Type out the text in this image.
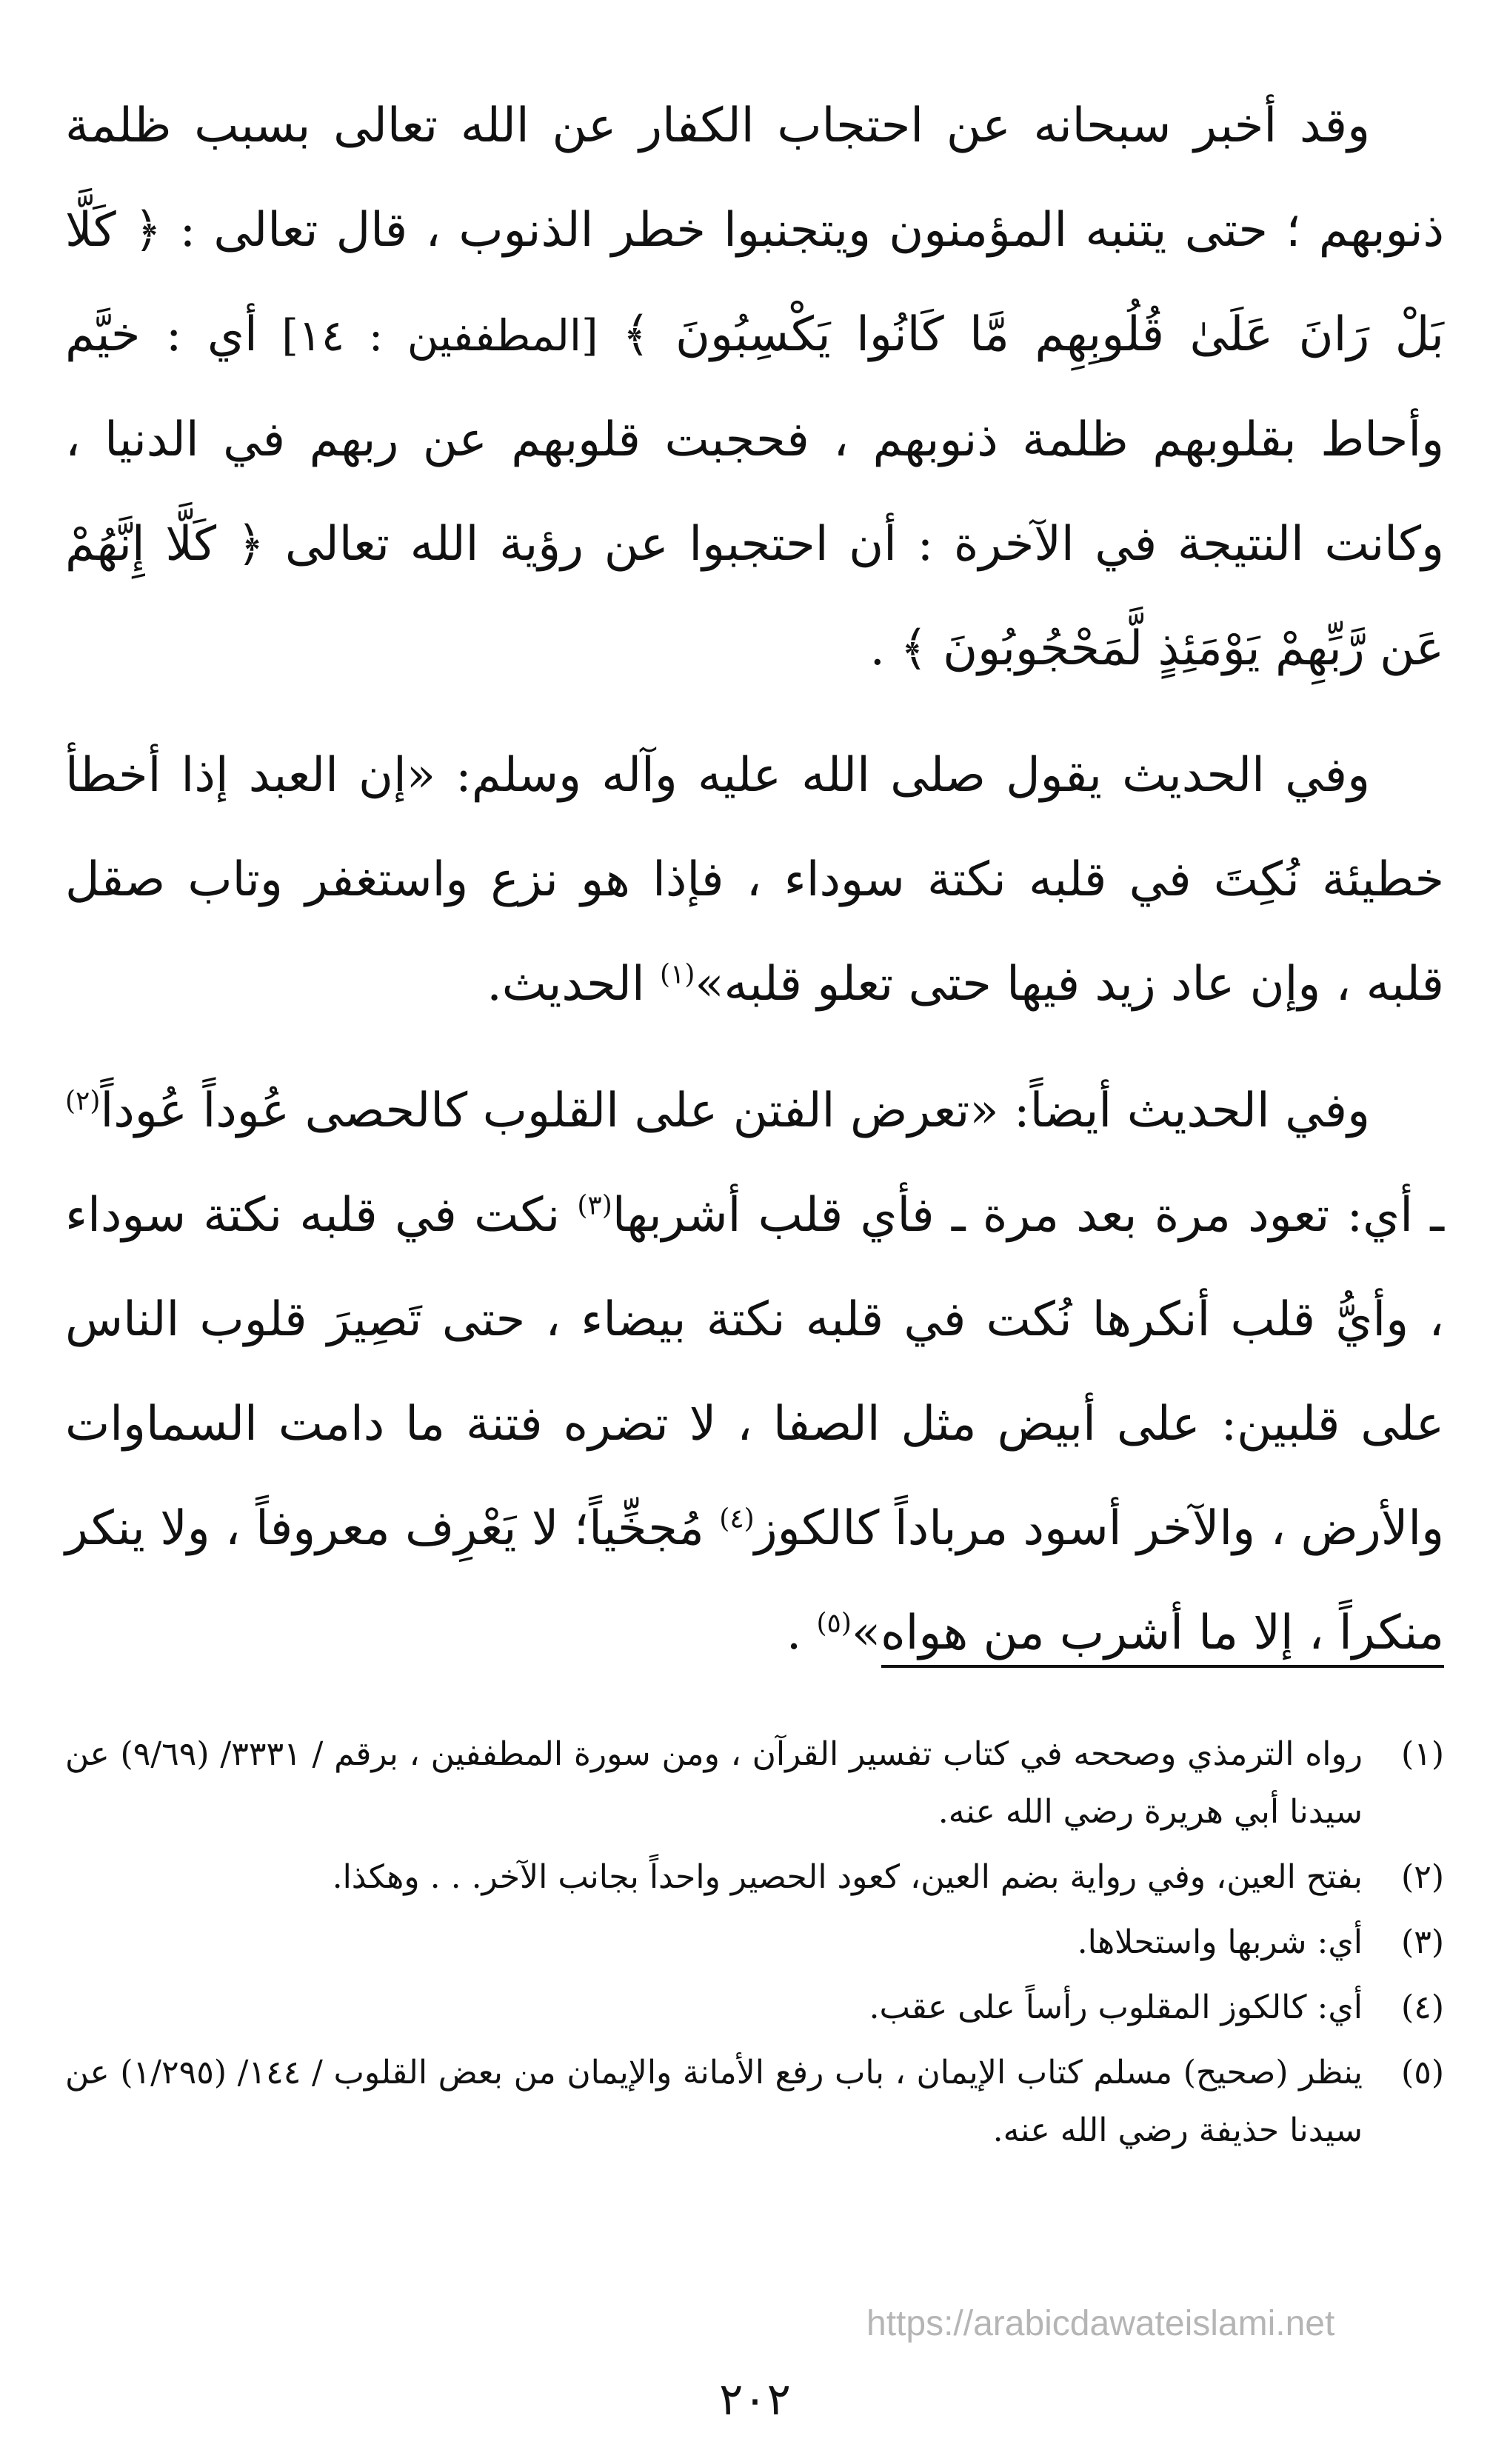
وقد أخبر سبحانه عن احتجاب الكفار عن الله تعالى بسبب ظلمة ذنوبهم ؛ حتى يتنبه المؤمنون ويتجنبوا خطر الذنوب ، قال تعالى : ﴿ كَلَّا بَلْ رَانَ عَلَىٰ قُلُوبِهِم مَّا كَانُوا يَكْسِبُونَ ﴾ [المطففين : ١٤] أي : خيَّم وأحاط بقلوبهم ظلمة ذنوبهم ، فحجبت قلوبهم عن ربهم في الدنيا ، وكانت النتيجة في الآخرة : أن احتجبوا عن رؤية الله تعالى ﴿ كَلَّا إِنَّهُمْ عَن رَّبِّهِمْ يَوْمَئِذٍ لَّمَحْجُوبُونَ ﴾ .

وفي الحديث يقول صلى الله عليه وآله وسلم: «إن العبد إذا أخطأ خطيئة نُكِتَ في قلبه نكتة سوداء ، فإذا هو نزع واستغفر وتاب صقل قلبه ، وإن عاد زيد فيها حتى تعلو قلبه»$^{(١)}$ الحديث.

وفي الحديث أيضاً: «تعرض الفتن على القلوب كالحصى عُوداً عُوداً$^{(٢)}$ ـ أي: تعود مرة بعد مرة ـ فأي قلب أشربها$^{(٣)}$ نكت في قلبه نكتة سوداء ، وأيُّ قلب أنكرها نُكت في قلبه نكتة بيضاء ، حتى تَصِيرَ قلوب الناس على قلبين: على أبيض مثل الصفا ، لا تضره فتنة ما دامت السماوات والأرض ، والآخر أسود مرباداً كالكوز$^{(٤)}$ مُجخِّياً؛ لا يَعْرِف معروفاً ، ولا ينكر منكراً ، إلا ما أشرب من هواه»$^{(٥)}$ .

(١)
رواه الترمذي وصححه في كتاب تفسير القرآن ، ومن سورة المطففين ، برقم / ٣٣٣١/ (٩/٦٩) عن سيدنا أبي هريرة رضي الله عنه.
(٢)
بفتح العين، وفي رواية بضم العين، كعود الحصير واحداً بجانب الآخر. . . وهكذا.
(٣)
أي: شربها واستحلاها.
(٤)
أي: كالكوز المقلوب رأساً على عقب.
(٥)
ينظر (صحيح) مسلم كتاب الإيمان ، باب رفع الأمانة والإيمان من بعض القلوب / ١٤٤/ (١/٢٩٥) عن سيدنا حذيفة رضي الله عنه.
https://arabicdawateislami.net
٢٠٢
